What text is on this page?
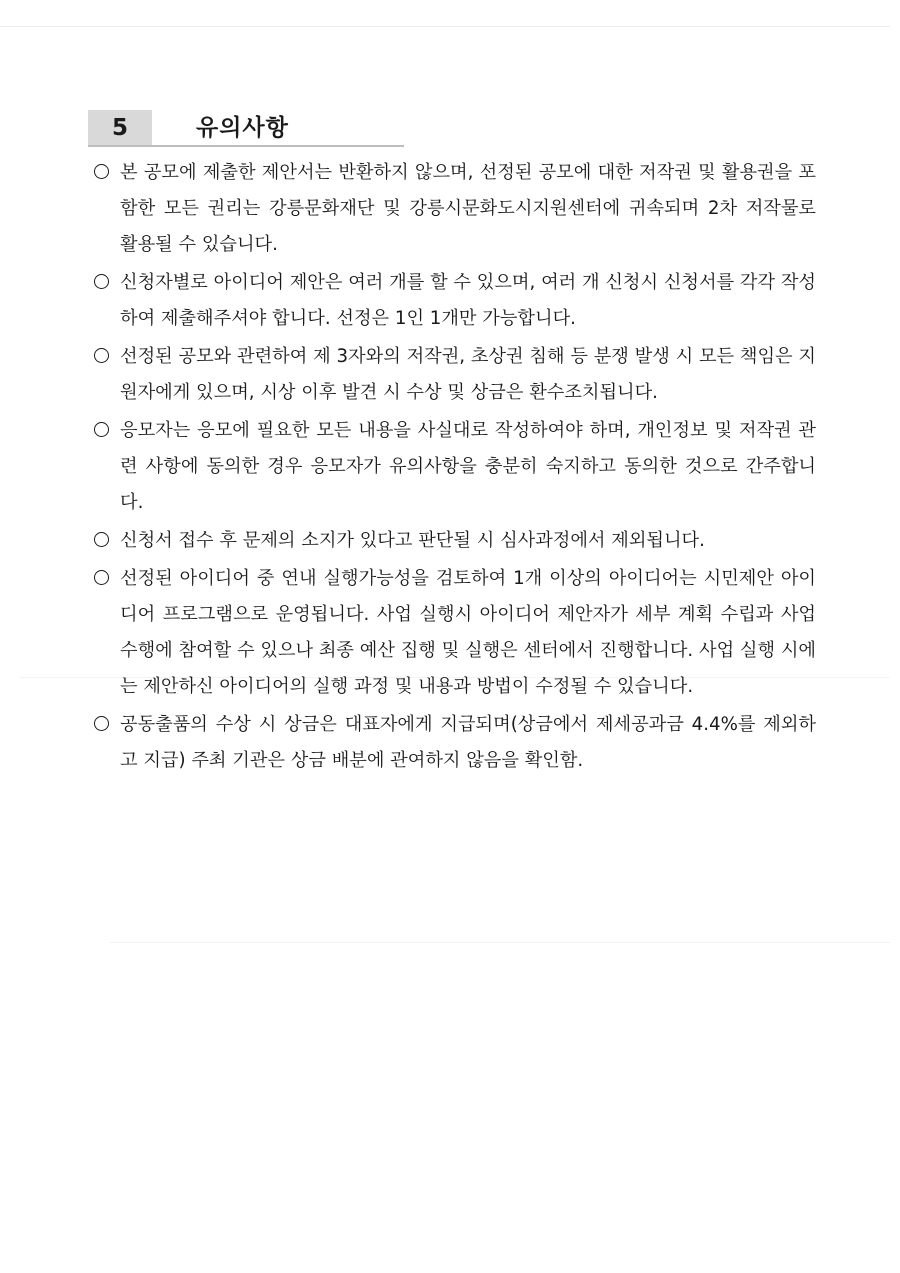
5	유의사항
본 공모에 제출한 제안서는 반환하지 않으며, 선정된 공모에 대한 저작권 및 활용권을 포함한 모든 권리는 강릉문화재단 및 강릉시문화도시지원센터에 귀속되며 2차 저작물로 활용될 수 있습니다.
신청자별로 아이디어 제안은 여러 개를 할 수 있으며, 여러 개 신청시 신청서를 각각 작성하여 제출해주셔야 합니다. 선정은 1인 1개만 가능합니다.
선정된 공모와 관련하여 제 3자와의 저작권, 초상권 침해 등 분쟁 발생 시 모든 책임은 지원자에게 있으며, 시상 이후 발견 시 수상 및 상금은 환수조치됩니다.
응모자는 응모에 필요한 모든 내용을 사실대로 작성하여야 하며, 개인정보 및 저작권 관련 사항에 동의한 경우 응모자가 유의사항을 충분히 숙지하고 동의한 것으로 간주합니다.
신청서 접수 후 문제의 소지가 있다고 판단될 시 심사과정에서 제외됩니다.
선정된 아이디어 중 연내 실행가능성을 검토하여 1개 이상의 아이디어는 시민제안 아이디어 프로그램으로 운영됩니다. 사업 실행시 아이디어 제안자가 세부 계획 수립과 사업 수행에 참여할 수 있으나 최종 예산 집행 및 실행은 센터에서 진행합니다. 사업 실행 시에는 제안하신 아이디어의 실행 과정 및 내용과 방법이 수정될 수 있습니다.
공동출품의 수상 시 상금은 대표자에게 지급되며(상금에서 제세공과금 4.4%를 제외하고 지급) 주최 기관은 상금 배분에 관여하지 않음을 확인함.
